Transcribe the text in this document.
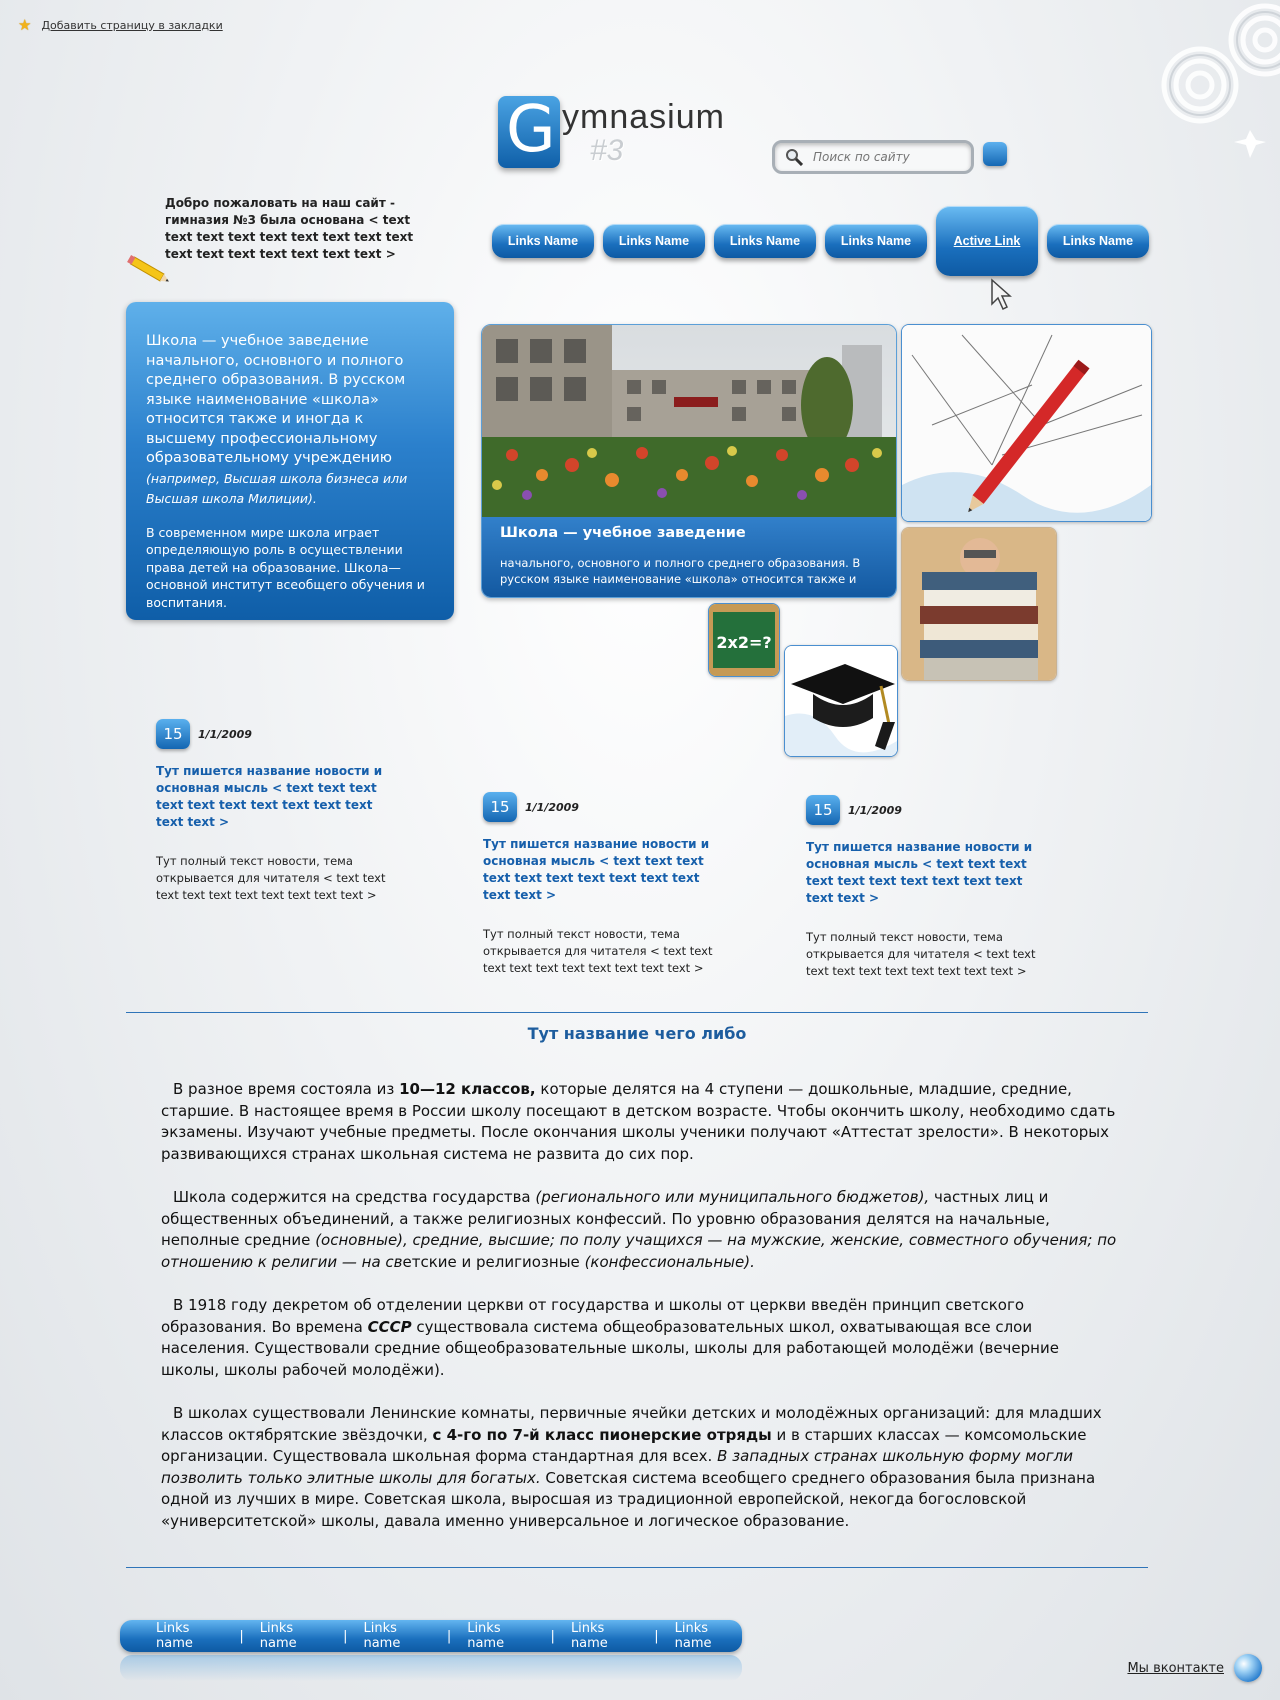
★ Добавить страницу в закладки
G ymnasium
#3
Поиск по сайту
Добро пожаловать на наш сайт - гимназия №3 была основана < text text text text text text text text text text text text text text text text >
Links Name	Links Name	Links Name	Links Name	Active Link	Links Name
Школа — учебное заведение начального, основного и полного среднего образования. В русском языке наименование «школа» относится также и иногда к высшему профессиональному образовательному учреждению (например, Высшая школа бизнеса или Высшая школа Милиции).
В современном мире школа играет определяющую роль в осуществлении права детей на образование. Школа— основной институт всеобщего обучения и воспитания.
Школа — учебное заведение
начального, основного и полного среднего образования. В русском языке наименование «школа» относится также и
2x2=?
15	1/1/2009
Тут пишется название новости и основная мысль < text text text text text text text text text text text text >
Тут полный текст новости, тема открывается для читателя < text text text text text text text text text text >
15	1/1/2009
Тут пишется название новости и основная мысль < text text text text text text text text text text text text >
Тут полный текст новости, тема открывается для читателя < text text text text text text text text text text >
15	1/1/2009
Тут пишется название новости и основная мысль < text text text text text text text text text text text text >
Тут полный текст новости, тема открывается для читателя < text text text text text text text text text text >
Тут название чего либо

В разное время состояла из 10—12 классов, которые делятся на 4 ступени — дошкольные, младшие, средние, старшие. В настоящее время в России школу посещают в детском возрасте. Чтобы окончить школу, необходимо сдать экзамены. Изучают учебные предметы. После окончания школы ученики получают «Аттестат зрелости». В некоторых развивающихся странах школьная система не развита до сих пор.

Школа содержится на средства государства (регионального или муниципального бюджетов), частных лиц и общественных объединений, а также религиозных конфессий. По уровню образования делятся на начальные, неполные средние (основные), средние, высшие; по полу учащихся — на мужские, женские, совместного обучения; по отношению к религии — на светские и религиозные (конфессиональные).

В 1918 году декретом об отделении церкви от государства и школы от церкви введён принцип светского образования. Во времена СССР существовала система общеобразовательных школ, охватывающая все слои населения. Существовали средние общеобразовательные школы, школы для работающей молодёжи (вечерние школы, школы рабочей молодёжи).

В школах существовали Ленинские комнаты, первичные ячейки детских и молодёжных организаций: для младших классов октябрятские звёздочки, с 4-го по 7-й класс пионерские отряды и в старших классах — комсомольские организации. Существовала школьная форма стандартная для всех. В западных странах школьную форму могли позволить только элитные школы для богатых. Советская система всеобщего среднего образования была признана одной из лучших в мире. Советская школа, выросшая из традиционной европейской, некогда богословской «университетской» школы, давала именно универсальное и логическое образование.

Links name	| Links name	| Links name	| Links name	| Links name	| Links name
Мы вконтакте
